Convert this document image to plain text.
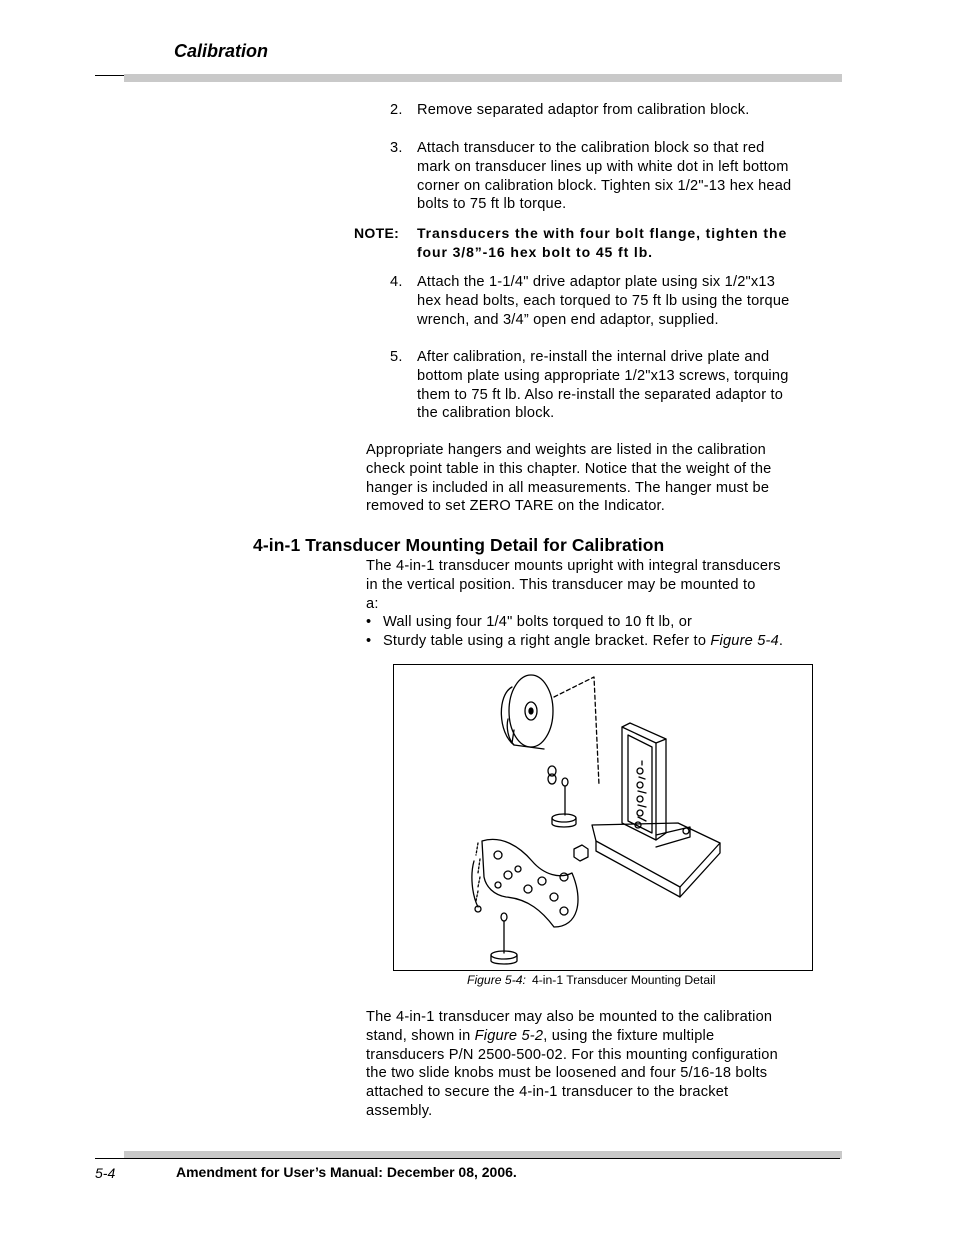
Calibration
2. Remove separated adaptor from calibration block.
3. Attach transducer to the calibration block so that red
mark on transducer lines up with white dot in left bottom
corner on calibration block. Tighten six 1/2"-13 hex head
bolts to 75 ft lb torque.
NOTE: Transducers the with four bolt flange, tighten the
four 3/8”-16 hex bolt to 45 ft lb.
4. Attach the 1-1/4" drive adaptor plate using six 1/2"x13
hex head bolts, each torqued to 75 ft lb using the torque
wrench, and 3/4” open end adaptor, supplied.
5. After calibration, re-install the internal drive plate and
bottom plate using appropriate 1/2"x13 screws, torquing
them to 75 ft lb. Also re-install the separated adaptor to
the calibration block.
Appropriate hangers and weights are listed in the calibration
check point table in this chapter. Notice that the weight of the
hanger is included in all measurements. The hanger must be
removed to set ZERO TARE on the Indicator.
4-in-1 Transducer Mounting Detail for Calibration
The 4-in-1 transducer mounts upright with integral transducers
in the vertical position. This transducer may be mounted to
a:
• Wall using four 1/4" bolts torqued to 10 ft lb, or
• Sturdy table using a right angle bracket. Refer to Figure 5-4.
Figure 5-4: 4-in-1 Transducer Mounting Detail
The 4-in-1 transducer may also be mounted to the calibration
stand, shown in Figure 5-2, using the fixture multiple
transducers P/N 2500-500-02. For this mounting configuration
the two slide knobs must be loosened and four 5/16-18 bolts
attached to secure the 4-in-1 transducer to the bracket
assembly.
5-4	Amendment for User’s Manual: December 08, 2006.
